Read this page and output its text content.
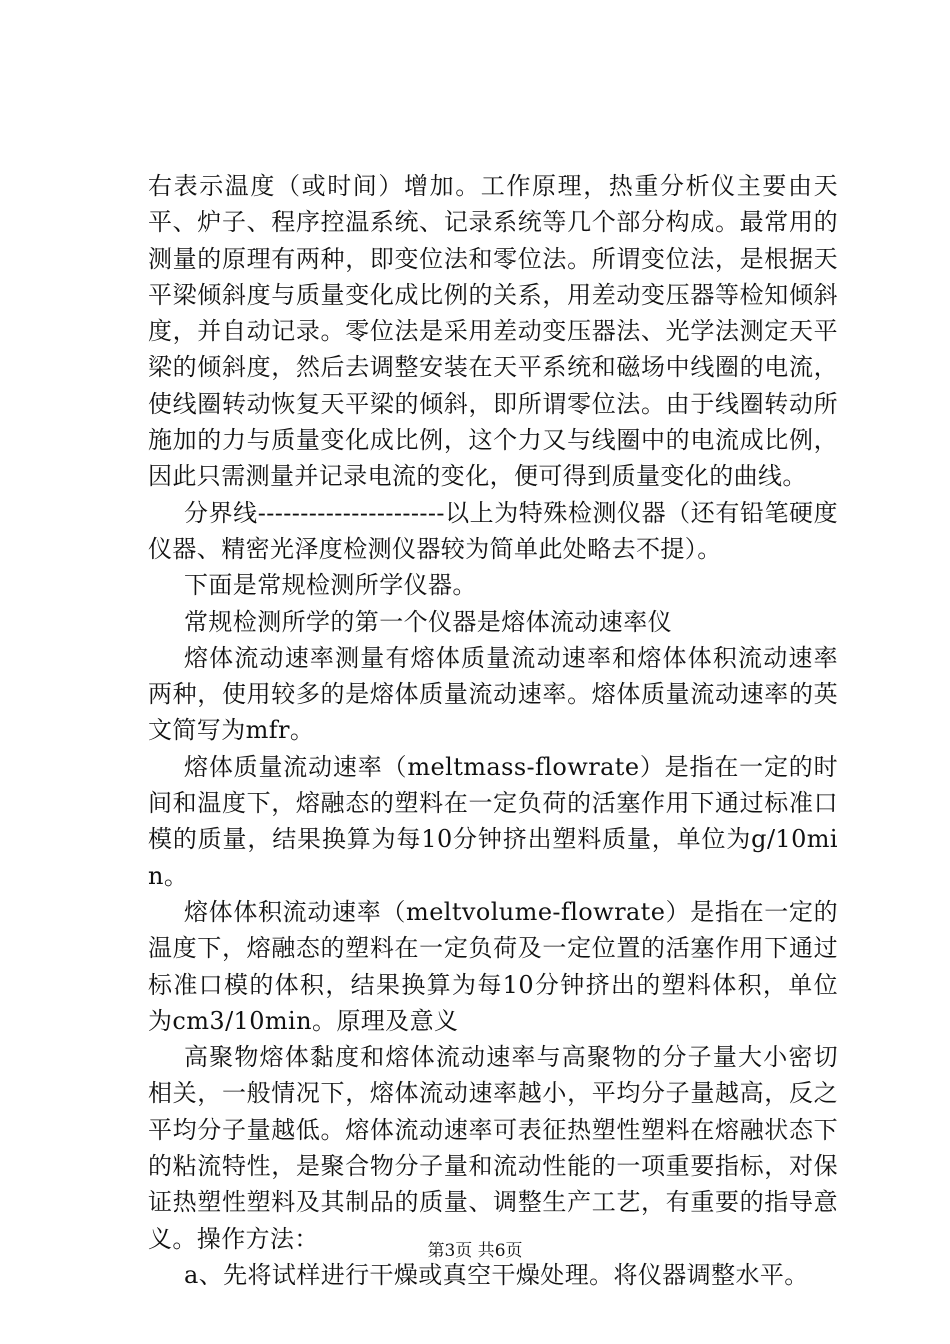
右表示温度（或时间）增加。工作原理，热重分析仪主要由天平、炉子、程序控温系统、记录系统等几个部分构成。最常用的测量的原理有两种，即变位法和零位法。所谓变位法，是根据天平梁倾斜度与质量变化成比例的关系，用差动变压器等检知倾斜度，并自动记录。零位法是采用差动变压器法、光学法测定天平梁的倾斜度，然后去调整安装在天平系统和磁场中线圈的电流，使线圈转动恢复天平梁的倾斜，即所谓零位法。由于线圈转动所施加的力与质量变化成比例，这个力又与线圈中的电流成比例，因此只需测量并记录电流的变化，便可得到质量变化的曲线。

分界线----------------------以上为特殊检测仪器（还有铅笔硬度仪器、精密光泽度检测仪器较为简单此处略去不提）。

下面是常规检测所学仪器。

常规检测所学的第一个仪器是熔体流动速率仪

熔体流动速率测量有熔体质量流动速率和熔体体积流动速率两种，使用较多的是熔体质量流动速率。熔体质量流动速率的英文简写为mfr。

熔体质量流动速率（meltmass-flowrate）是指在一定的时间和温度下，熔融态的塑料在一定负荷的活塞作用下通过标准口模的质量，结果换算为每10分钟挤出塑料质量，单位为g/10min。

熔体体积流动速率（meltvolume-flowrate）是指在一定的温度下，熔融态的塑料在一定负荷及一定位置的活塞作用下通过标准口模的体积，结果换算为每10分钟挤出的塑料体积，单位为cm3/10min。原理及意义

高聚物熔体黏度和熔体流动速率与高聚物的分子量大小密切相关，一般情况下，熔体流动速率越小，平均分子量越高，反之平均分子量越低。熔体流动速率可表征热塑性塑料在熔融状态下的粘流特性，是聚合物分子量和流动性能的一项重要指标，对保证热塑性塑料及其制品的质量、调整生产工艺，有重要的指导意义。操作方法：

a、先将试样进行干燥或真空干燥处理。将仪器调整水平。

第3页 共6页
